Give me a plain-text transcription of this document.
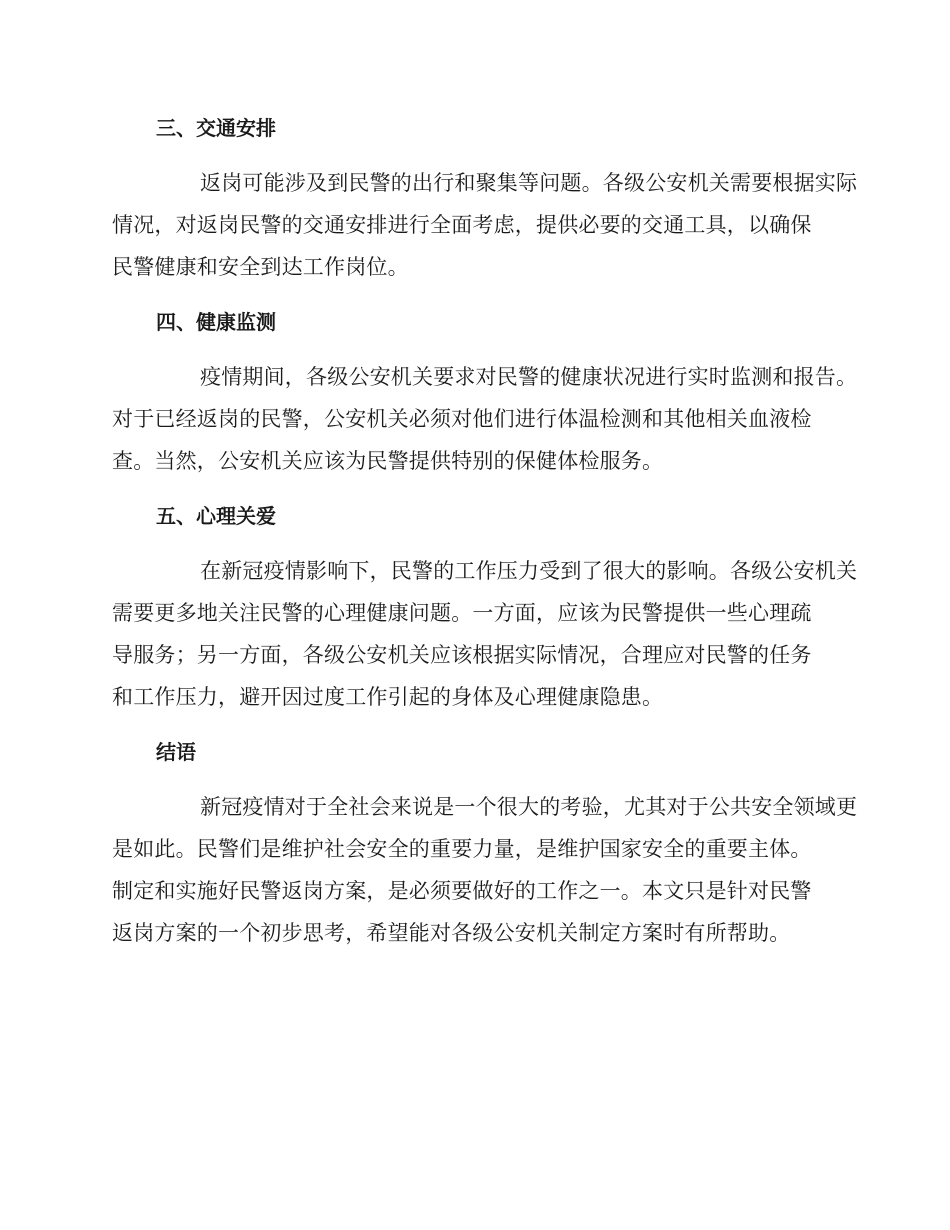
三、交通安排
返岗可能涉及到民警的出行和聚集等问题。各级公安机关需要根据实际
情况，对返岗民警的交通安排进行全面考虑，提供必要的交通工具，以确保
民警健康和安全到达工作岗位。
四、健康监测
疫情期间，各级公安机关要求对民警的健康状况进行实时监测和报告。
对于已经返岗的民警，公安机关必须对他们进行体温检测和其他相关血液检
查。当然，公安机关应该为民警提供特别的保健体检服务。
五、心理关爱
在新冠疫情影响下，民警的工作压力受到了很大的影响。各级公安机关
需要更多地关注民警的心理健康问题。一方面，应该为民警提供一些心理疏
导服务；另一方面，各级公安机关应该根据实际情况，合理应对民警的任务
和工作压力，避开因过度工作引起的身体及心理健康隐患。
结语
新冠疫情对于全社会来说是一个很大的考验，尤其对于公共安全领域更
是如此。民警们是维护社会安全的重要力量，是维护国家安全的重要主体。
制定和实施好民警返岗方案，是必须要做好的工作之一。本文只是针对民警
返岗方案的一个初步思考，希望能对各级公安机关制定方案时有所帮助。
